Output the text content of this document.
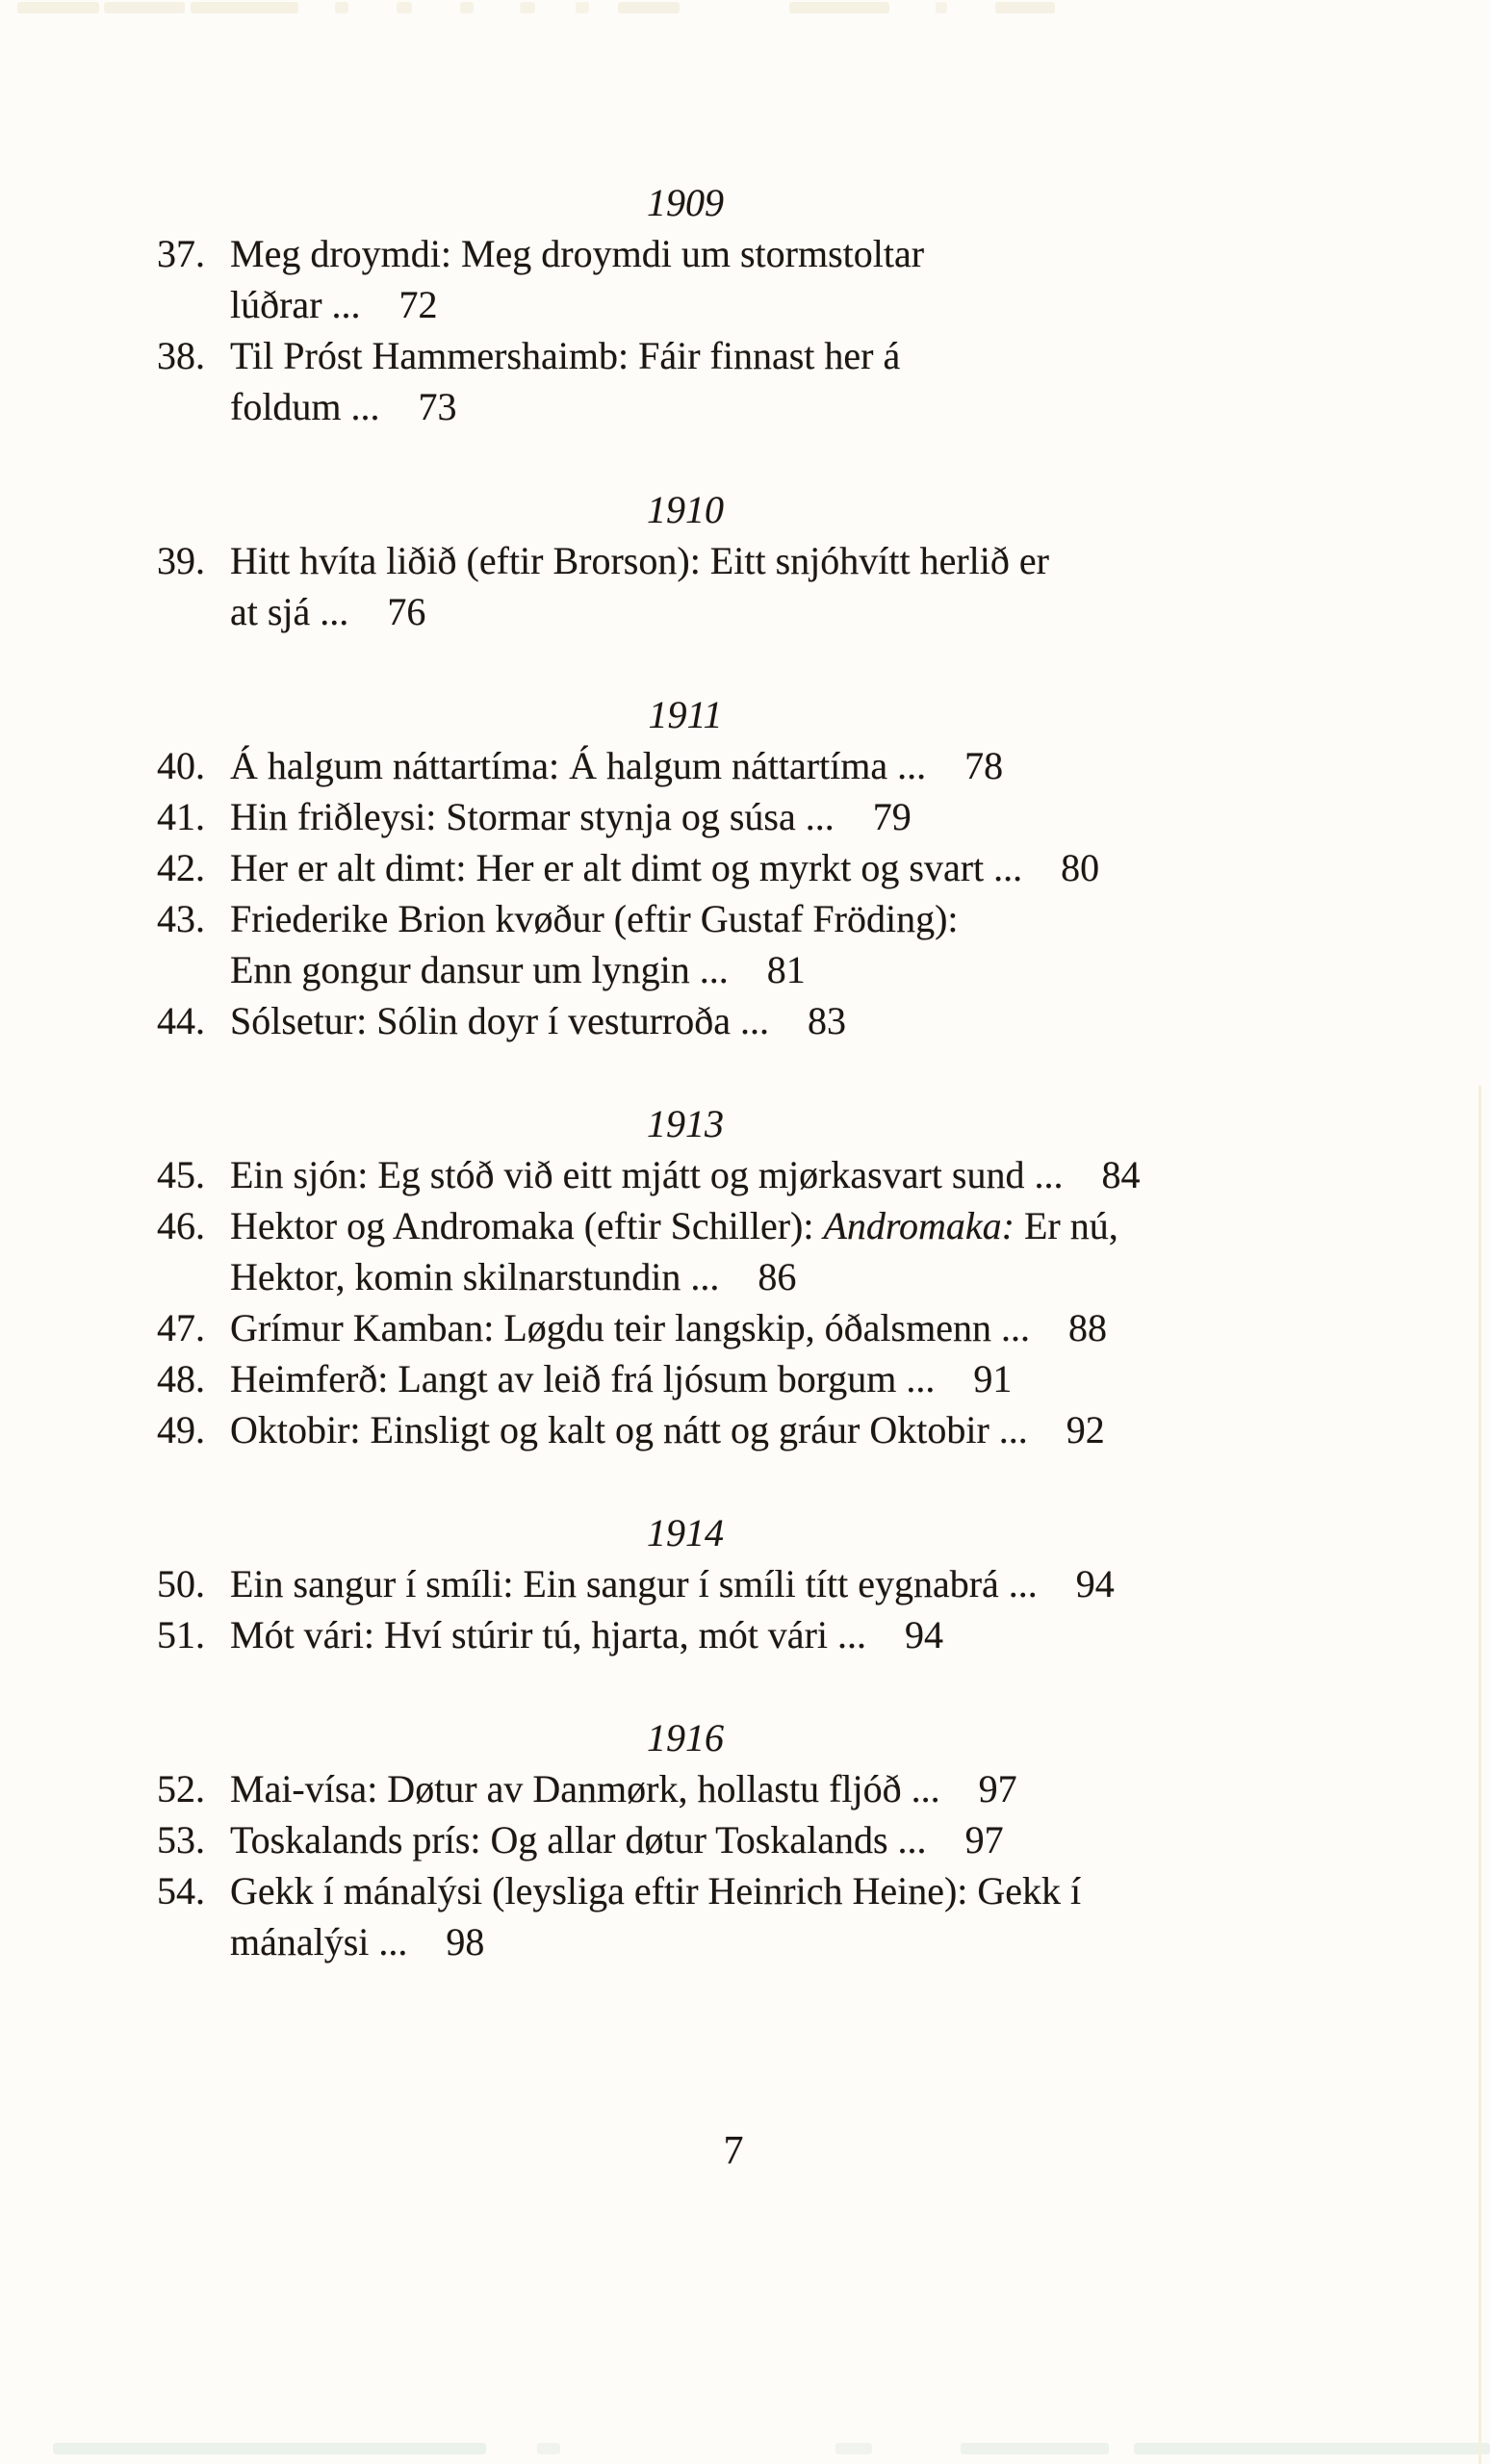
1909
37. Meg droymdi: Meg droymdi um stormstoltar
lúðrar ... 72
38. Til Próst Hammershaimb: Fáir finnast her á
foldum ... 73
1910
39. Hitt hvíta liðið (eftir Brorson): Eitt snjóhvítt herlið er
at sjá ... 76
1911
40. Á halgum náttartíma: Á halgum náttartíma ... 78
41. Hin friðleysi: Stormar stynja og súsa ... 79
42. Her er alt dimt: Her er alt dimt og myrkt og svart ... 80
43. Friederike Brion kvøður (eftir Gustaf Fröding):
Enn gongur dansur um lyngin ... 81
44. Sólsetur: Sólin doyr í vesturroða ... 83
1913
45. Ein sjón: Eg stóð við eitt mjátt og mjørkasvart sund ... 84
46. Hektor og Andromaka (eftir Schiller): Andromaka: Er nú,
Hektor, komin skilnarstundin ... 86
47. Grímur Kamban: Løgdu teir langskip, óðalsmenn ... 88
48. Heimferð: Langt av leið frá ljósum borgum ... 91
49. Oktobir: Einsligt og kalt og nátt og gráur Oktobir ... 92
1914
50. Ein sangur í smíli: Ein sangur í smíli títt eygnabrá ... 94
51. Mót vári: Hví stúrir tú, hjarta, mót vári ... 94
1916
52. Mai-vísa: Døtur av Danmørk, hollastu fljóð ... 97
53. Toskalands prís: Og allar døtur Toskalands ... 97
54. Gekk í mánalýsi (leysliga eftir Heinrich Heine): Gekk í
mánalýsi ... 98
7
